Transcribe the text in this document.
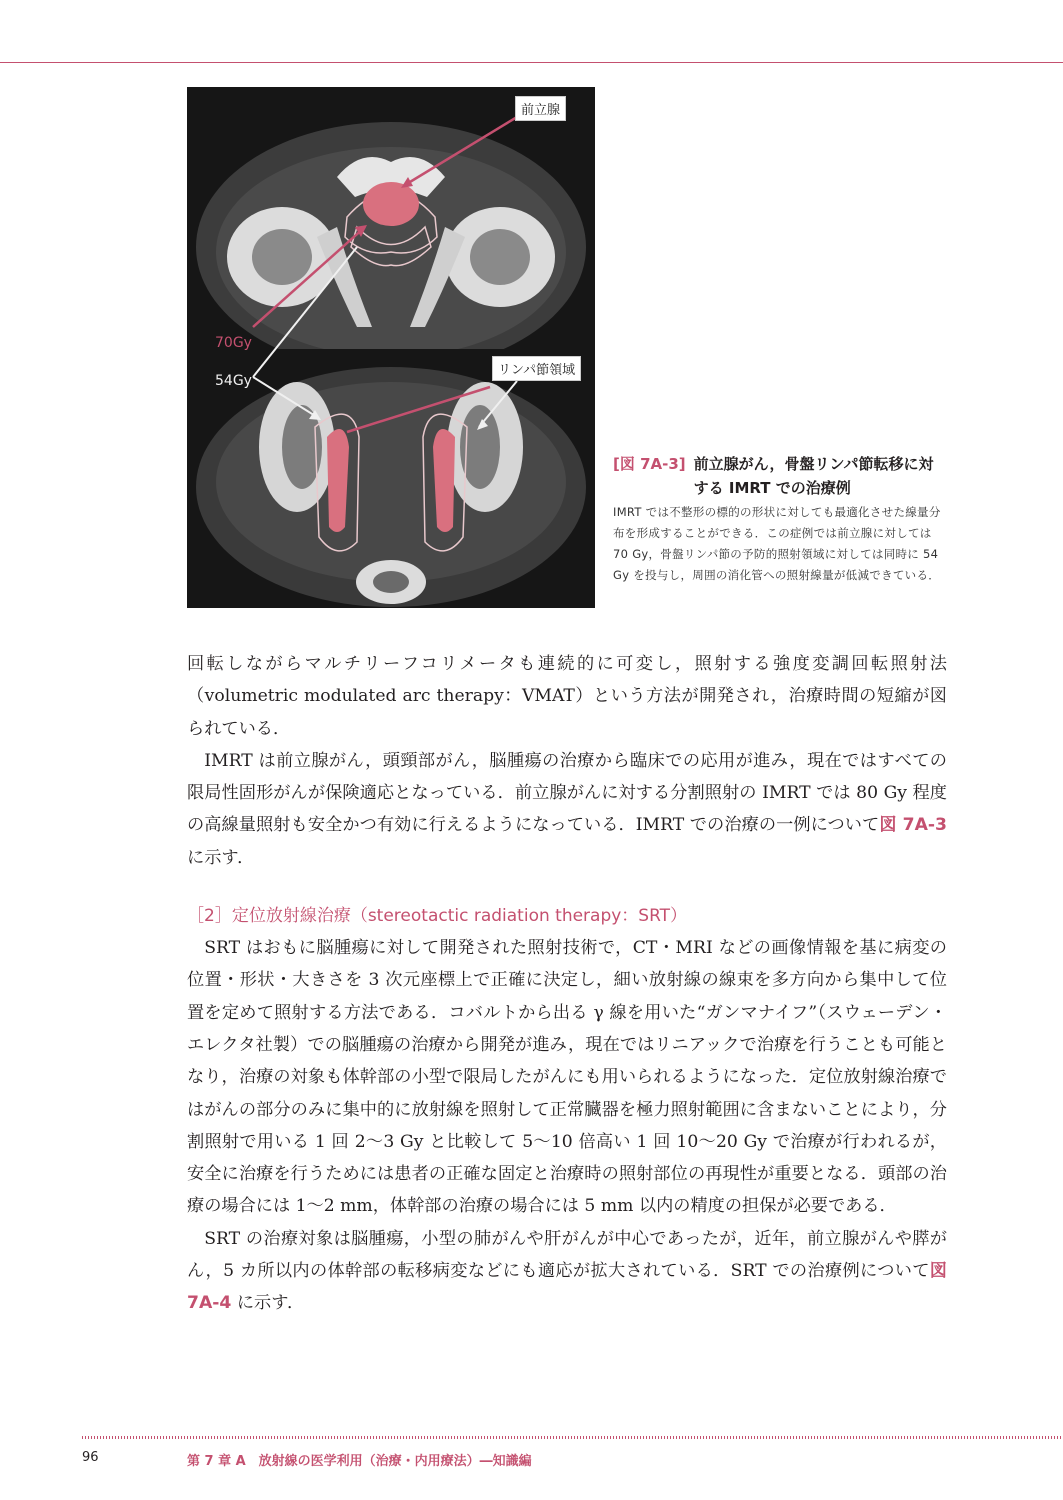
70Gy
54Gy
前立腺
リンパ節領域
[図 7A-3] 前立腺がん，骨盤リンパ節転移に対する IMRT での治療例
IMRT では不整形の標的の形状に対しても最適化させた線量分布を形成することができる．この症例では前立腺に対しては 70 Gy，骨盤リンパ節の予防的照射領域に対しては同時に 54 Gy を投与し，周囲の消化管への照射線量が低減できている．

回転しながらマルチリーフコリメータも連続的に可変し，照射する強度変調回転照射法（volumetric modulated arc therapy：VMAT）という方法が開発され，治療時間の短縮が図られている．

IMRT は前立腺がん，頭頸部がん，脳腫瘍の治療から臨床での応用が進み，現在ではすべての限局性固形がんが保険適応となっている．前立腺がんに対する分割照射の IMRT では 80 Gy 程度の高線量照射も安全かつ有効に行えるようになっている．IMRT での治療の一例について図 7A-3 に示す．

［2］定位放射線治療（stereotactic radiation therapy：SRT）

SRT はおもに脳腫瘍に対して開発された照射技術で，CT・MRI などの画像情報を基に病変の位置・形状・大きさを 3 次元座標上で正確に決定し，細い放射線の線束を多方向から集中して位置を定めて照射する方法である．コバルトから出る γ 線を用いた“ガンマナイフ”（スウェーデン・エレクタ社製）での脳腫瘍の治療から開発が進み，現在ではリニアックで治療を行うことも可能となり，治療の対象も体幹部の小型で限局したがんにも用いられるようになった．定位放射線治療ではがんの部分のみに集中的に放射線を照射して正常臓器を極力照射範囲に含まないことにより，分割照射で用いる 1 回 2〜3 Gy と比較して 5〜10 倍高い 1 回 10〜20 Gy で治療が行われるが，安全に治療を行うためには患者の正確な固定と治療時の照射部位の再現性が重要となる．頭部の治療の場合には 1〜2 mm，体幹部の治療の場合には 5 mm 以内の精度の担保が必要である．

SRT の治療対象は脳腫瘍，小型の肺がんや肝がんが中心であったが，近年，前立腺がんや膵がん，5 カ所以内の体幹部の転移病変などにも適応が拡大されている．SRT での治療例について図 7A-4 に示す．

96	第 7 章 A　放射線の医学利用（治療・内用療法）―知識編
